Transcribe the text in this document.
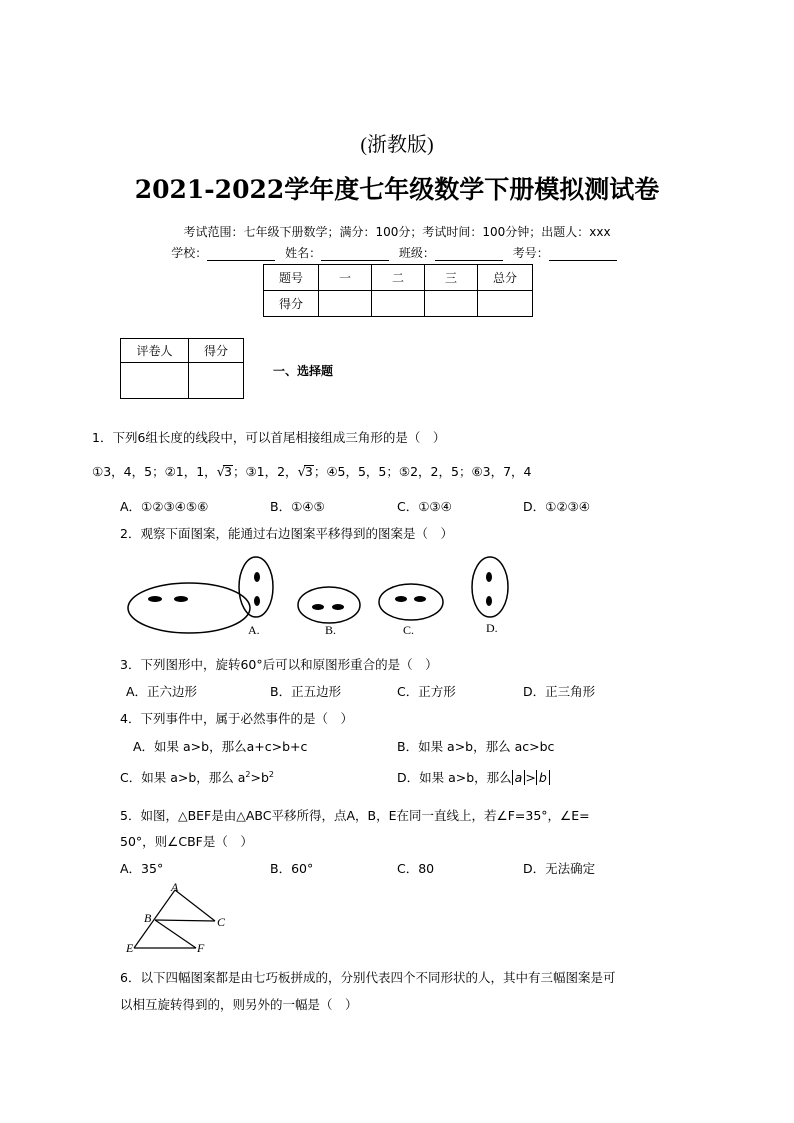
(浙教版)
2021-2022学年度七年级数学下册模拟测试卷
考试范围：七年级下册数学；满分：100分；考试时间：100分钟；出题人：xxx
学校：	姓名：	班级：	考号：
题号	一	二	三	总分
得分				
评卷人	得分

一、选择题
1．下列6组长度的线段中，可以首尾相接组成三角形的是（　）
①3，4，5；②1，1，√3；③1，2，√3；④5，5，5；⑤2，2，5；⑥3，7，4
A．①②③④⑤⑥	B．①④⑤	C．①③④	D．①②③④
2．观察下面图案，能通过右边图案平移得到的图案是（　）
A.	B.	C.	D.
3．下列图形中，旋转60°后可以和原图形重合的是（　）
A．正六边形	B．正五边形	C．正方形	D．正三角形
4．下列事件中，属于必然事件的是（　）
A．如果 a>b，那么a+c>b+c	B．如果 a>b，那么 ac>bc
C．如果 a>b，那么 $a^2>b^2$	D．如果 a>b，那么 a > b
5．如图，△BEF是由△ABC平移所得，点A，B，E在同一直线上，若∠F=35°，∠E=
50°，则∠CBF是（　）
A．35°	B．60°	C．80	D．无法确定
A
B	C
E	F
6．以下四幅图案都是由七巧板拼成的，分别代表四个不同形状的人，其中有三幅图案是可
以相互旋转得到的，则另外的一幅是（　）
